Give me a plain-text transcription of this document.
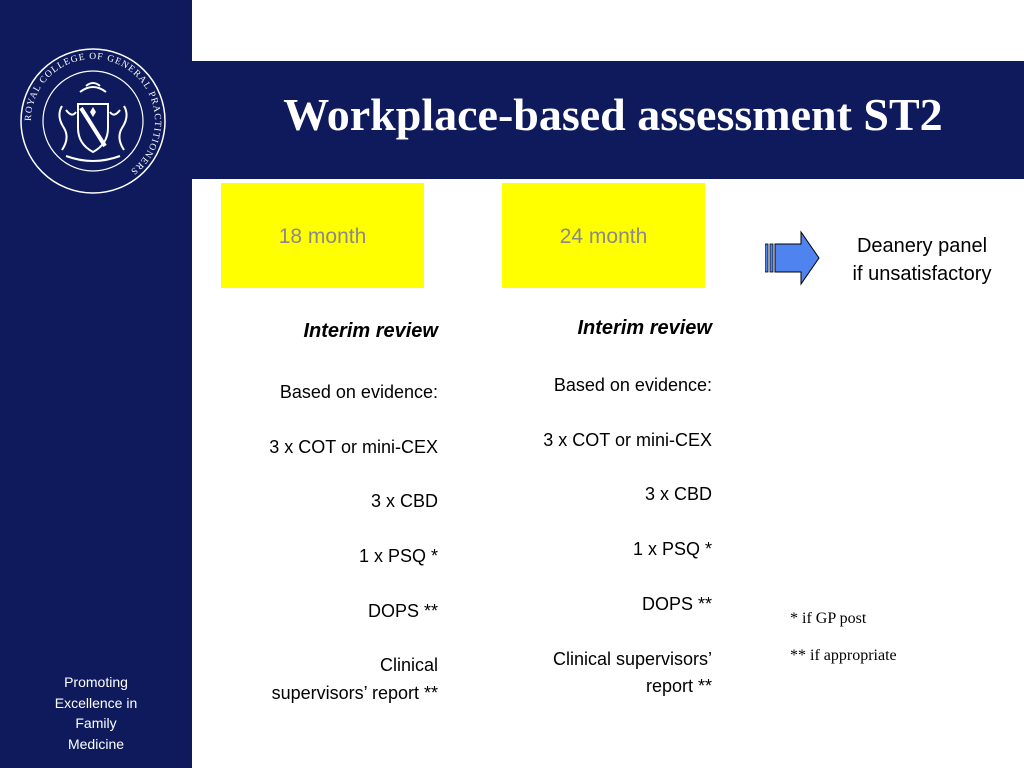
ROYAL COLLEGE OF GENERAL PRACTITIONERS
Promoting
Excellence in
Family
Medicine
Workplace-based assessment ST2
18 month	24 month
Interim review
Based on evidence:
3 x COT or mini-CEX
3 x CBD
1 x PSQ *
DOPS **
Clinical
supervisors’ report **
Interim review
Based on evidence:
3 x COT or mini-CEX
3 x CBD
1 x PSQ *
DOPS **
Clinical supervisors’
report **
Deanery panel
if unsatisfactory
* if GP post
** if appropriate
